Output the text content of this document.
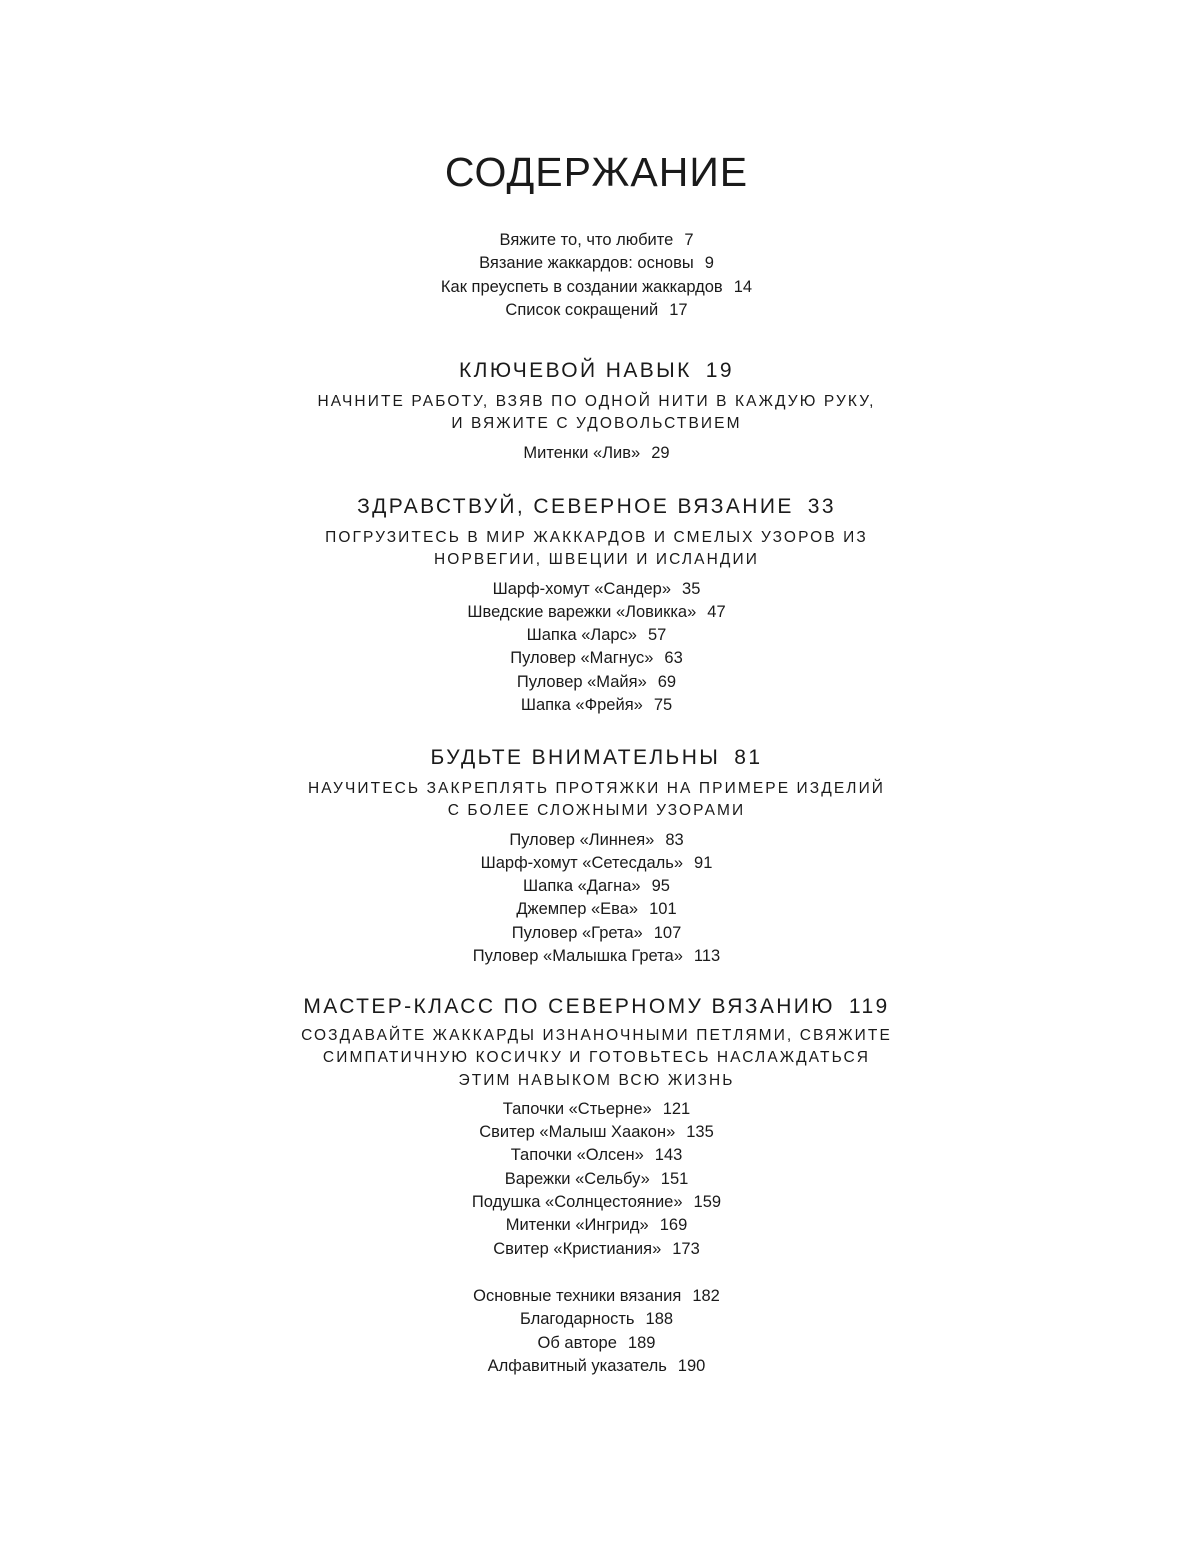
СОДЕРЖАНИЕ
Вяжите то, что любите 7
Вязание жаккардов: основы 9
Как преуспеть в создании жаккардов 14
Список сокращений 17
КЛЮЧЕВОЙ НАВЫК 19
НАЧНИТЕ РАБОТУ, ВЗЯВ ПО ОДНОЙ НИТИ В КАЖДУЮ РУКУ,
И ВЯЖИТЕ С УДОВОЛЬСТВИЕМ
Митенки «Лив» 29
ЗДРАВСТВУЙ, СЕВЕРНОЕ ВЯЗАНИЕ 33
ПОГРУЗИТЕСЬ В МИР ЖАККАРДОВ И СМЕЛЫХ УЗОРОВ ИЗ
НОРВЕГИИ, ШВЕЦИИ И ИСЛАНДИИ
Шарф-хомут «Сандер» 35
Шведские варежки «Ловикка» 47
Шапка «Ларс» 57
Пуловер «Магнус» 63
Пуловер «Майя» 69
Шапка «Фрейя» 75
БУДЬТЕ ВНИМАТЕЛЬНЫ 81
НАУЧИТЕСЬ ЗАКРЕПЛЯТЬ ПРОТЯЖКИ НА ПРИМЕРЕ ИЗДЕЛИЙ
С БОЛЕЕ СЛОЖНЫМИ УЗОРАМИ
Пуловер «Линнея» 83
Шарф-хомут «Сетесдаль» 91
Шапка «Дагна» 95
Джемпер «Ева» 101
Пуловер «Грета» 107
Пуловер «Малышка Грета» 113
МАСТЕР-КЛАСС ПО СЕВЕРНОМУ ВЯЗАНИЮ 119
СОЗДАВАЙТЕ ЖАККАРДЫ ИЗНАНОЧНЫМИ ПЕТЛЯМИ, СВЯЖИТЕ
СИМПАТИЧНУЮ КОСИЧКУ И ГОТОВЬТЕСЬ НАСЛАЖДАТЬСЯ
ЭТИМ НАВЫКОМ ВСЮ ЖИЗНЬ
Тапочки «Стьерне» 121
Свитер «Малыш Хаакон» 135
Тапочки «Олсен» 143
Варежки «Сельбу» 151
Подушка «Солнцестояние» 159
Митенки «Ингрид» 169
Свитер «Кристиания» 173
Основные техники вязания 182
Благодарность 188
Об авторе 189
Алфавитный указатель 190
